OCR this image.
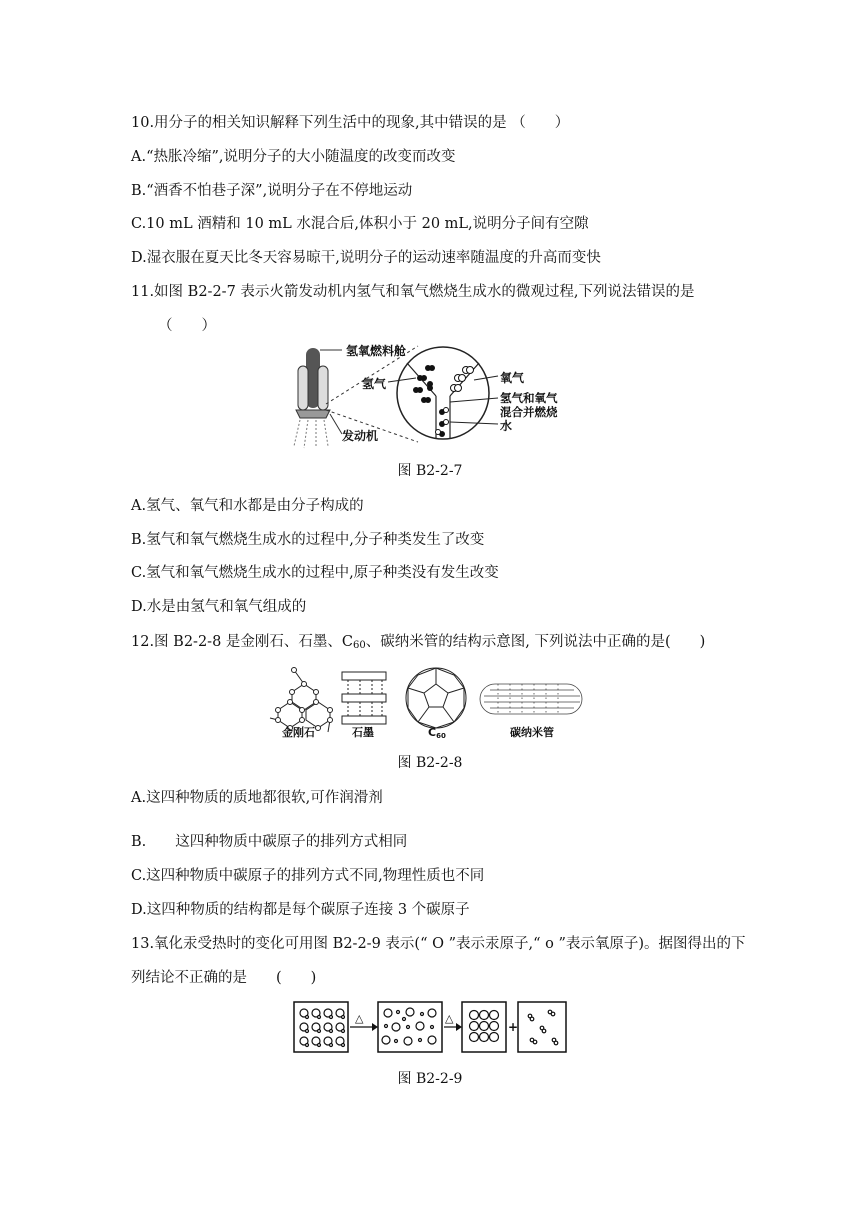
10.用分子的相关知识解释下列生活中的现象,其中错误的是 （　　）
A.“热胀冷缩”,说明分子的大小随温度的改变而改变
B.“酒香不怕巷子深”,说明分子在不停地运动
C.10 mL 酒精和 10 mL 水混合后,体积小于 20 mL,说明分子间有空隙
D.湿衣服在夏天比冬天容易晾干,说明分子的运动速率随温度的升高而变快
11.如图 B2-2-7 表示火箭发动机内氢气和氧气燃烧生成水的微观过程,下列说法错误的是
（　　）
氢氧燃料舱
氢气	氧气
氢气和氧气
混合并燃烧
水
发动机
图 B2-2-7
A.氢气、氧气和水都是由分子构成的
B.氢气和氧气燃烧生成水的过程中,分子种类发生了改变
C.氢气和氧气燃烧生成水的过程中,原子种类没有发生改变
D.水是由氢气和氧气组成的
12.图 B2-2-8 是金刚石、石墨、$C_{60}$、碳纳米管的结构示意图, 下列说法中正确的是(　　)
金刚石	石墨	C60	碳纳米管
图 B2-2-8
A.这四种物质的质地都很软,可作润滑剂
B.　　这四种物质中碳原子的排列方式相同
C.这四种物质中碳原子的排列方式不同,物理性质也不同
D.这四种物质的结构都是每个碳原子连接 3 个碳原子
13.氧化汞受热时的变化可用图 B2-2-9 表示(“ O ”表示汞原子,“ o ”表示氧原子)。据图得出的下
列结论不正确的是　　(　　)
△	△
+
图 B2-2-9
